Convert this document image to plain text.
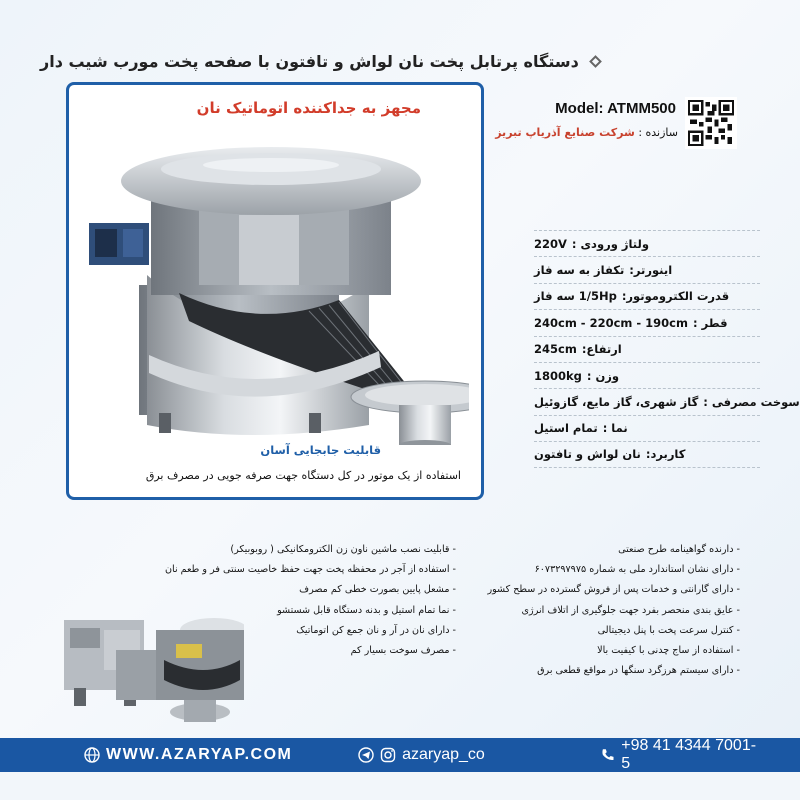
دستگاه پرتابل پخت نان لواش و تافتون با صفحه پخت مورب شیب دار
مجهز به جداکننده اتوماتیک نان
قابلیت جابجایی آسان
استفاده از یک موتور در کل دستگاه جهت صرفه جویی در مصرف برق
Model: ATMM500
سازنده : شرکت صنایع آذریاپ تبریز
ولتاژ ورودی :
220V
اینورتر:
تکفاز به سه فاز
قدرت الکتروموتور:
1/5Hp سه فاز
قطر :
240cm - 220cm - 190cm
ارتفاع:
245cm
وزن :
1800kg
سوخت مصرفی :
گاز شهری، گاز مایع، گازوئیل
نما :
تمام استیل
کاربرد:
نان لواش و تافتون
- دارنده گواهینامه طرح صنعتی
- دارای نشان استاندارد ملی به شماره ۶۰۷۳۲۹۷۹۷۵
- دارای گارانتی و خدمات پس از فروش گسترده در سطح کشور
- عایق بندی منحصر بفرد جهت جلوگیری از اتلاف انرژی
- کنترل سرعت پخت با پنل دیجیتالی
- استفاده از ساج چدنی با کیفیت بالا
- دارای سیستم هرزگرد سنگها در مواقع قطعی برق
- قابلیت نصب ماشین ناون زن الکترومکانیکی ( روبوبیکر)
- استفاده از آجر در محفظه پخت جهت حفظ خاصیت سنتی فر و طعم نان
- مشعل پایین بصورت خطی کم مصرف
- نما تمام استیل و بدنه دستگاه قابل شستشو
- دارای نان در آر و نان جمع کن اتوماتیک
- مصرف سوخت بسیار کم
WWW.AZARYAP.COM	azaryap_co
+98 41 4344 7001-5
